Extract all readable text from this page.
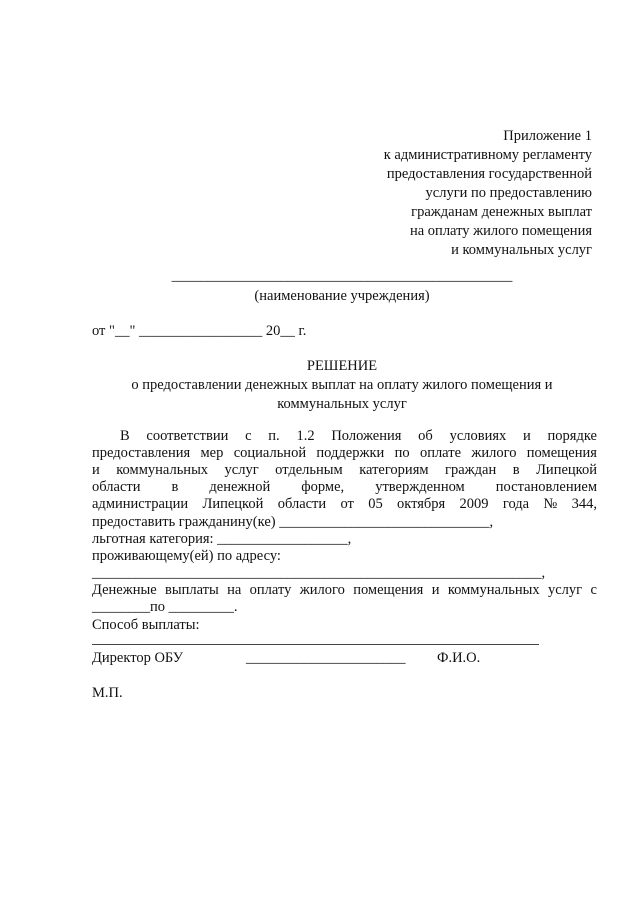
Приложение 1
к административному регламенту
предоставления государственной
услуги по предоставлению
гражданам денежных выплат
на оплату жилого помещения
и коммунальных услуг
_______________________________________________
(наименование учреждения)
от "__" _________________ 20__ г.
РЕШЕНИЕ
о предоставлении денежных выплат на оплату жилого помещения и
коммунальных услуг
В соответствии с п. 1.2 Положения об условиях и порядке
предоставления мер социальной поддержки по оплате жилого помещения
и коммунальных услуг отдельным категориям граждан в Липецкой
области в денежной форме, утвержденном постановлением
администрации Липецкой области от 05 октября 2009 года № 344,
предоставить гражданину(ке) _____________________________,
льготная категория: __________________,
проживающему(ей) по адресу:
______________________________________________________________,
Денежные выплаты на оплату жилого помещения и коммунальных услуг с
________по _________.
Способ выплаты:
Директор ОБУ	______________________ Ф.И.О.
М.П.
